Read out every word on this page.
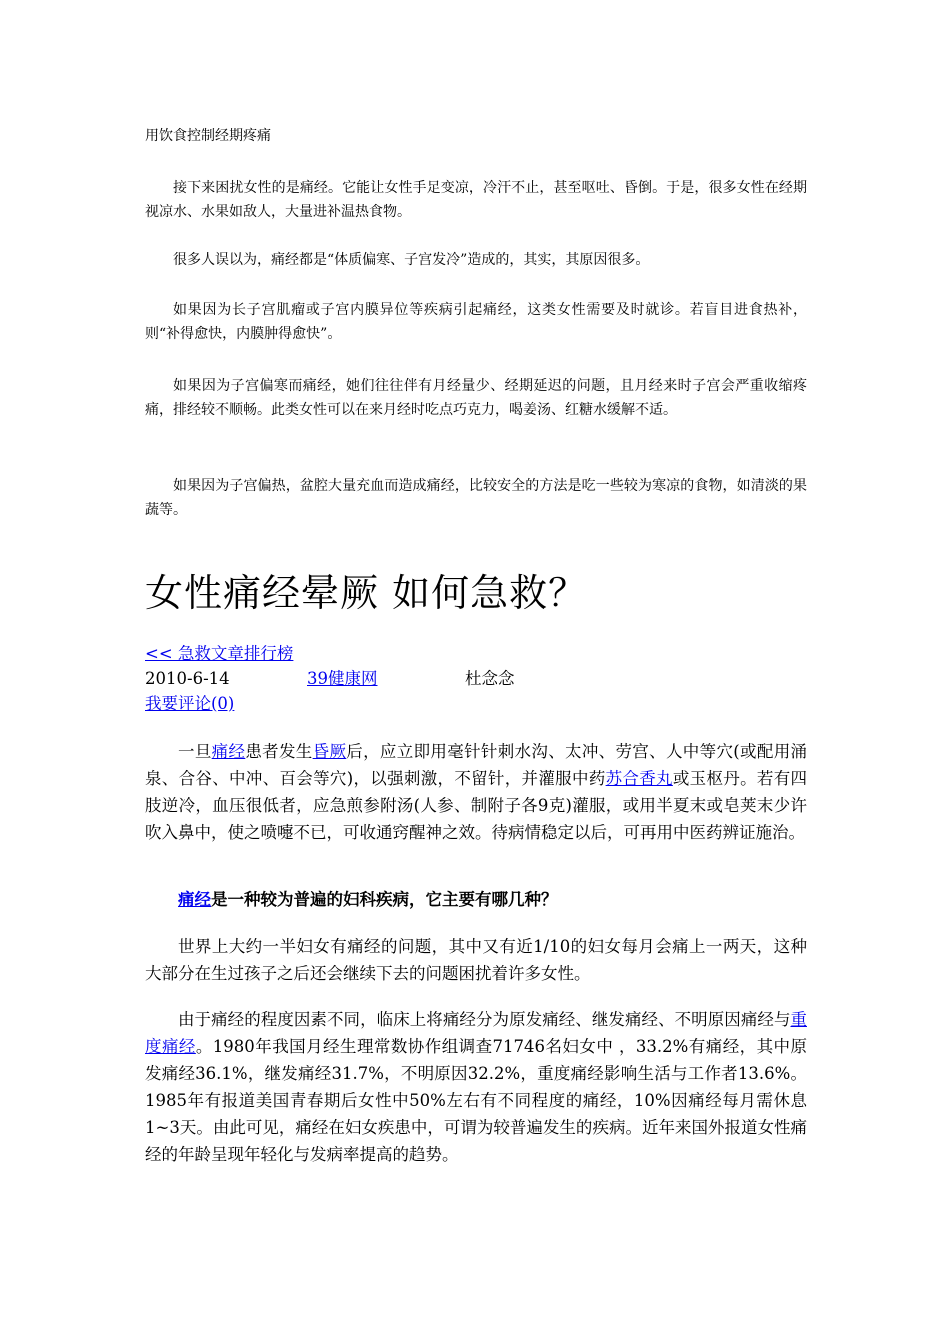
用饮食控制经期疼痛

接下来困扰女性的是痛经。它能让女性手足变凉，冷汗不止，甚至呕吐、昏倒。于是，很多女性在经期视凉水、水果如敌人，大量进补温热食物。

很多人误以为，痛经都是“体质偏寒、子宫发冷”造成的，其实，其原因很多。

如果因为长子宫肌瘤或子宫内膜异位等疾病引起痛经，这类女性需要及时就诊。若盲目进食热补，则“补得愈快，内膜肿得愈快”。

如果因为子宫偏寒而痛经，她们往往伴有月经量少、经期延迟的问题，且月经来时子宫会严重收缩疼痛，排经较不顺畅。此类女性可以在来月经时吃点巧克力，喝姜汤、红糖水缓解不适。

如果因为子宫偏热，盆腔大量充血而造成痛经，比较安全的方法是吃一些较为寒凉的食物，如清淡的果蔬等。

女性痛经晕厥 如何急救？
<< 急救文章排行榜
2010-6-14	39健康网	杜念念
我要评论(0)

一旦痛经患者发生昏厥后，应立即用毫针针刺水沟、太冲、劳宫、人中等穴(或配用涌泉、合谷、中冲、百会等穴)，以强刺激，不留针，并灌服中药苏合香丸或玉枢丹。若有四肢逆冷，血压很低者，应急煎参附汤(人参、制附子各9克)灌服，或用半夏末或皂荚末少许吹入鼻中，使之喷嚏不已，可收通窍醒神之效。待病情稳定以后，可再用中医药辨证施治。

痛经是一种较为普遍的妇科疾病，它主要有哪几种？

世界上大约一半妇女有痛经的问题，其中又有近1/10的妇女每月会痛上一两天，这种大部分在生过孩子之后还会继续下去的问题困扰着许多女性。

由于痛经的程度因素不同，临床上将痛经分为原发痛经、继发痛经、不明原因痛经与重度痛经。1980年我国月经生理常数协作组调查71746名妇女中 ，33.2%有痛经，其中原发痛经36.1%，继发痛经31.7%，不明原因32.2%，重度痛经影响生活与工作者13.6%。1985年有报道美国青春期后女性中50%左右有不同程度的痛经，10%因痛经每月需休息1~3天。由此可见，痛经在妇女疾患中，可谓为较普遍发生的疾病。近年来国外报道女性痛经的年龄呈现年轻化与发病率提高的趋势。
